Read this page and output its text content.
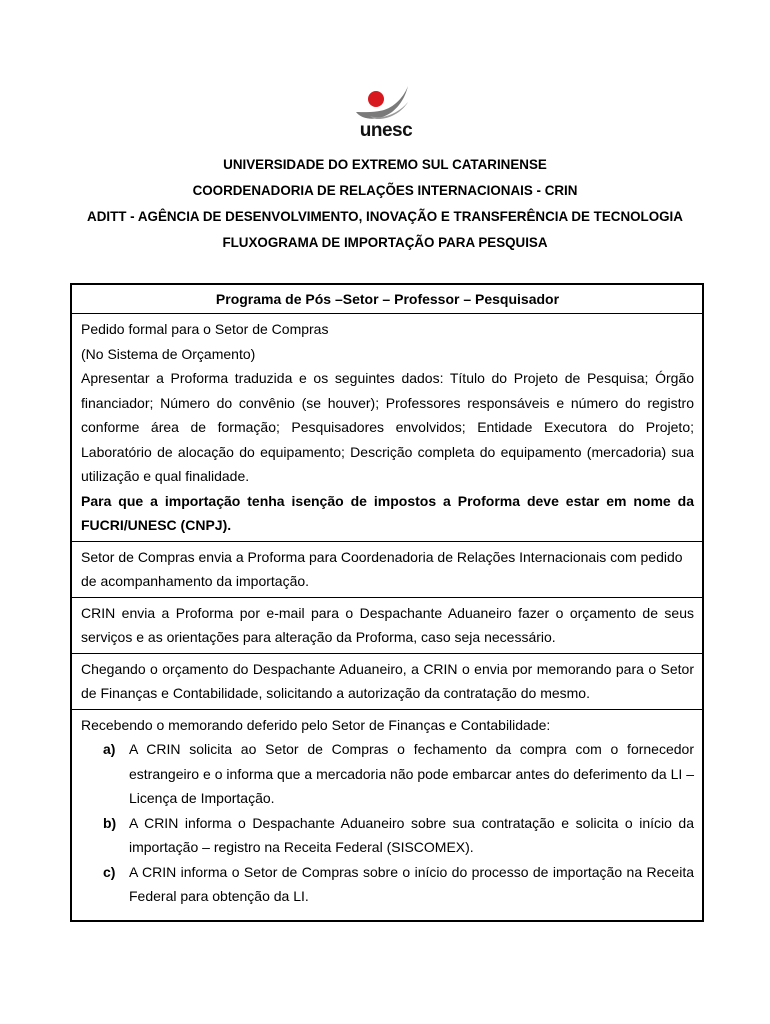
unesc
UNIVERSIDADE DO EXTREMO SUL CATARINENSE
COORDENADORIA DE RELAÇÕES INTERNACIONAIS - CRIN
ADITT - AGÊNCIA DE DESENVOLVIMENTO, INOVAÇÃO E TRANSFERÊNCIA DE TECNOLOGIA
FLUXOGRAMA DE IMPORTAÇÃO PARA PESQUISA
Programa de Pós –Setor – Professor – Pesquisador
Pedido formal para o Setor de Compras
(No Sistema de Orçamento)
Apresentar a Proforma traduzida e os seguintes dados: Título do Projeto de Pesquisa; Órgão financiador; Número do convênio (se houver); Professores responsáveis e número do registro conforme área de formação; Pesquisadores envolvidos; Entidade Executora do Projeto; Laboratório de alocação do equipamento; Descrição completa do equipamento (mercadoria) sua utilização e qual finalidade.
Para que a importação tenha isenção de impostos a Proforma deve estar em nome da FUCRI/UNESC (CNPJ).
Setor de Compras envia a Proforma para Coordenadoria de Relações Internacionais com pedido de acompanhamento da importação.
CRIN envia a Proforma por e-mail para o Despachante Aduaneiro fazer o orçamento de seus serviços e as orientações para alteração da Proforma, caso seja necessário.
Chegando o orçamento do Despachante Aduaneiro, a CRIN o envia por memorando para o Setor de Finanças e Contabilidade, solicitando a autorização da contratação do mesmo.
Recebendo o memorando deferido pelo Setor de Finanças e Contabilidade:
a) A CRIN solicita ao Setor de Compras o fechamento da compra com o fornecedor estrangeiro e o informa que a mercadoria não pode embarcar antes do deferimento da LI – Licença de Importação.
b) A CRIN informa o Despachante Aduaneiro sobre sua contratação e solicita o início da importação – registro na Receita Federal (SISCOMEX).
c) A CRIN informa o Setor de Compras sobre o início do processo de importação na Receita Federal para obtenção da LI.
